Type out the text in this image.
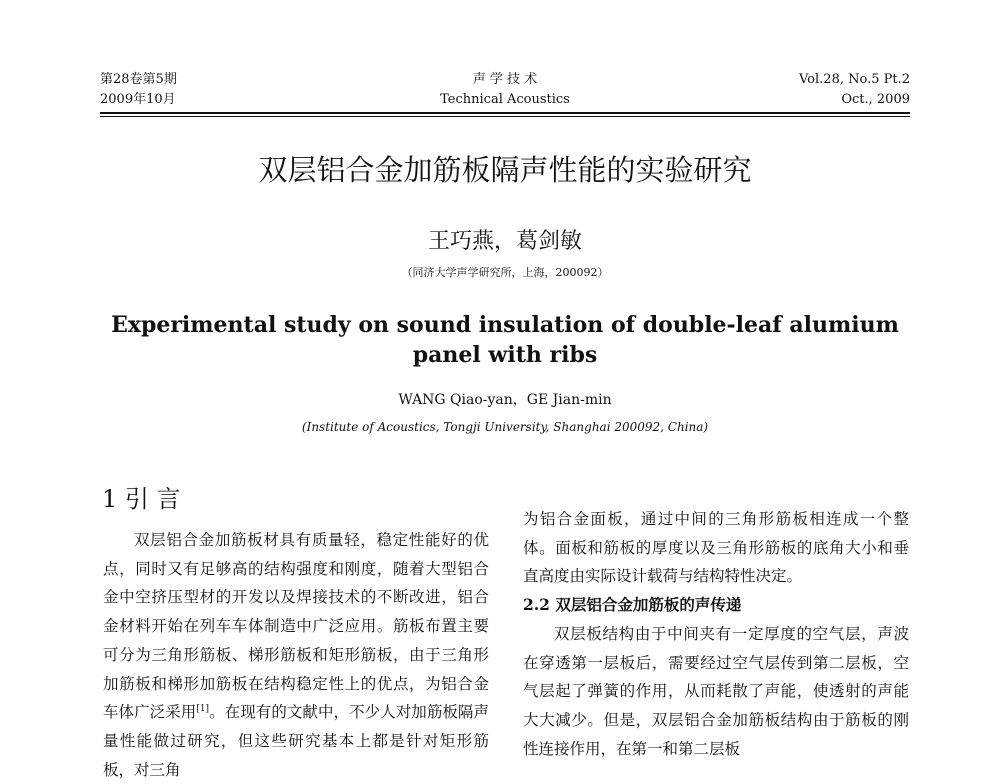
第28卷第5期
2009年10月
声 学 技 术
Technical Acoustics
Vol.28, No.5 Pt.2
Oct., 2009
双层铝合金加筋板隔声性能的实验研究
王巧燕，葛剑敏
（同济大学声学研究所，上海，200092）
Experimental study on sound insulation of double-leaf alumium
panel with ribs
WANG Qiao-yan，GE Jian-min
(Institute of Acoustics, Tongji University, Shanghai 200092, China)
1 引 言

双层铝合金加筋板材具有质量轻，稳定性能好的优点，同时又有足够高的结构强度和刚度，随着大型铝合金中空挤压型材的开发以及焊接技术的不断改进，铝合金材料开始在列车车体制造中广泛应用。筋板布置主要可分为三角形筋板、梯形筋板和矩形筋板，由于三角形加筋板和梯形加筋板在结构稳定性上的优点，为铝合金车体广泛采用[1]。在现有的文献中，不少人对加筋板隔声量性能做过研究，但这些研究基本上都是针对矩形筋板，对三角

为铝合金面板，通过中间的三角形筋板相连成一个整体。面板和筋板的厚度以及三角形筋板的底角大小和垂直高度由实际设计载荷与结构特性决定。

2.2 双层铝合金加筋板的声传递

双层板结构由于中间夹有一定厚度的空气层，声波在穿透第一层板后，需要经过空气层传到第二层板，空气层起了弹簧的作用，从而耗散了声能，使透射的声能大大减少。但是，双层铝合金加筋板结构由于筋板的刚性连接作用，在第一和第二层板
